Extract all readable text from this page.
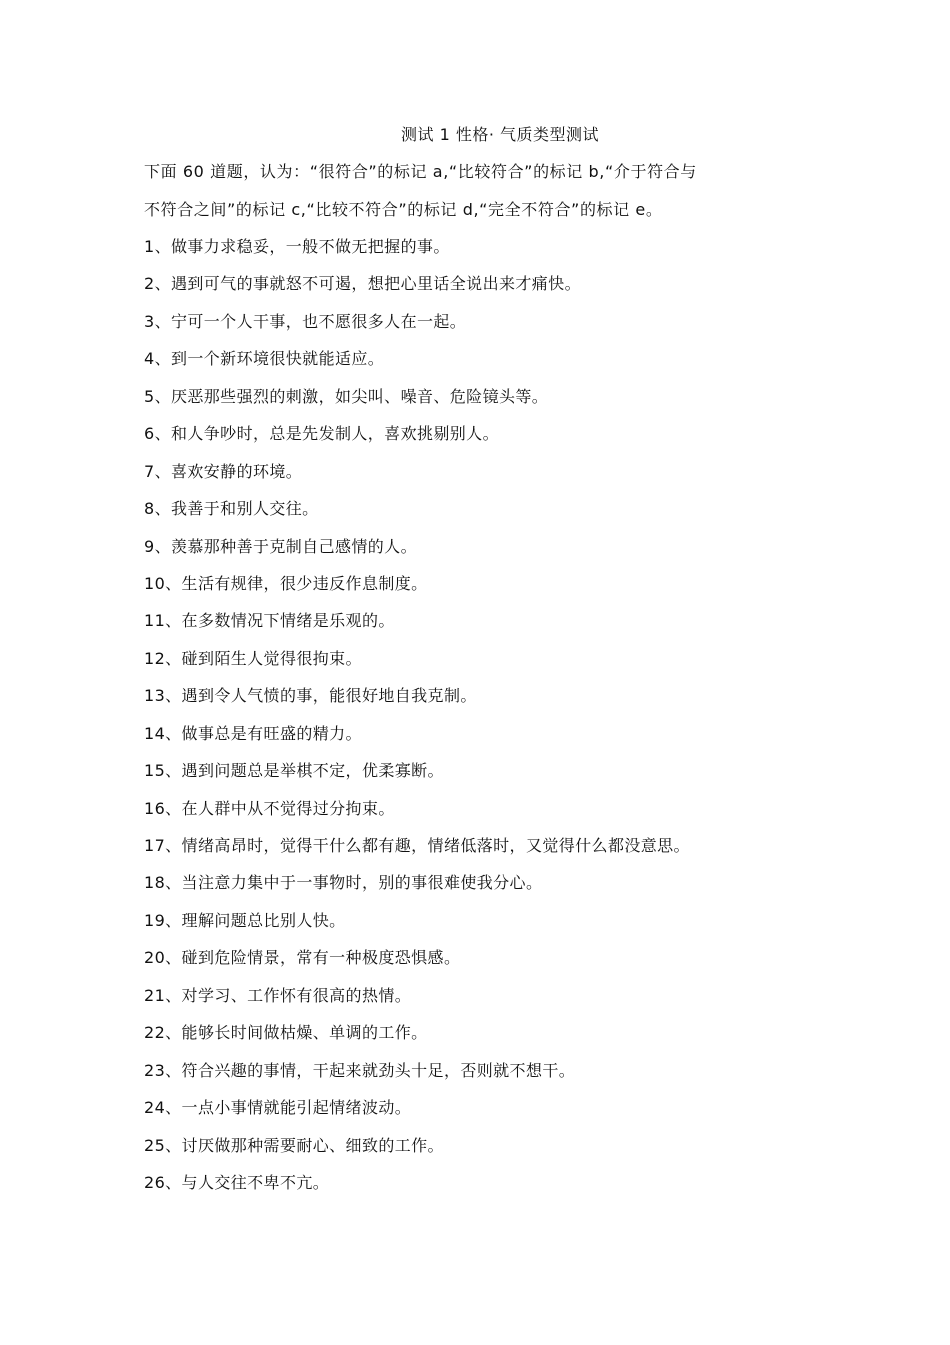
测试 1 性格· 气质类型测试
下面 60 道题，认为：“很符合”的标记 a,“比较符合”的标记 b,“介于符合与
不符合之间”的标记 c,“比较不符合”的标记 d,“完全不符合”的标记 e。
1、做事力求稳妥，一般不做无把握的事。
2、遇到可气的事就怒不可遏，想把心里话全说出来才痛快。
3、宁可一个人干事，也不愿很多人在一起。
4、到一个新环境很快就能适应。
5、厌恶那些强烈的刺激，如尖叫、噪音、危险镜头等。
6、和人争吵时，总是先发制人，喜欢挑剔别人。
7、喜欢安静的环境。
8、我善于和别人交往。
9、羡慕那种善于克制自己感情的人。
10、生活有规律，很少违反作息制度。
11、在多数情况下情绪是乐观的。
12、碰到陌生人觉得很拘束。
13、遇到令人气愤的事，能很好地自我克制。
14、做事总是有旺盛的精力。
15、遇到问题总是举棋不定，优柔寡断。
16、在人群中从不觉得过分拘束。
17、情绪高昂时，觉得干什么都有趣，情绪低落时，又觉得什么都没意思。
18、当注意力集中于一事物时，别的事很难使我分心。
19、理解问题总比别人快。
20、碰到危险情景，常有一种极度恐惧感。
21、对学习、工作怀有很高的热情。
22、能够长时间做枯燥、单调的工作。
23、符合兴趣的事情，干起来就劲头十足，否则就不想干。
24、一点小事情就能引起情绪波动。
25、讨厌做那种需要耐心、细致的工作。
26、与人交往不卑不亢。
